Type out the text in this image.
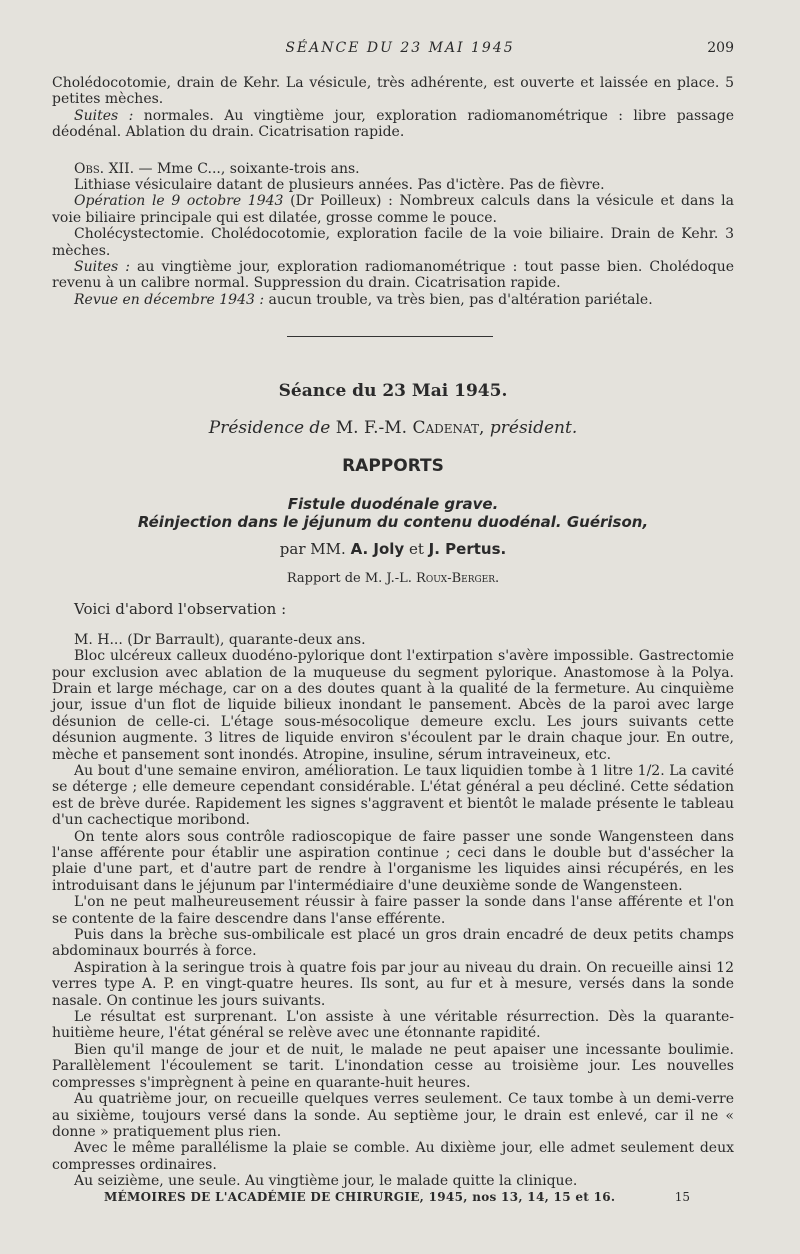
SÉANCE DU 23 MAI 1945	209

Cholédocotomie, drain de Kehr. La vésicule, très adhérente, est ouverte et laissée en place. 5 petites mèches.

Suites : normales. Au vingtième jour, exploration radiomanométrique : libre passage déodénal. Ablation du drain. Cicatrisation rapide.

Obs. XII. — Mme C..., soixante-trois ans.

Lithiase vésiculaire datant de plusieurs années. Pas d'ictère. Pas de fièvre.

Opération le 9 octobre 1943 (Dr Poilleux) : Nombreux calculs dans la vésicule et dans la voie biliaire principale qui est dilatée, grosse comme le pouce.

Cholécystectomie. Cholédocotomie, exploration facile de la voie biliaire. Drain de Kehr. 3 mèches.

Suites : au vingtième jour, exploration radiomanométrique : tout passe bien. Cholédoque revenu à un calibre normal. Suppression du drain. Cicatrisation rapide.

Revue en décembre 1943 : aucun trouble, va très bien, pas d'altération pariétale.

Séance du 23 Mai 1945.

Présidence de M. F.-M. Cadenat, président.

RAPPORTS

Fistule duodénale grave.

Réinjection dans le jéjunum du contenu duodénal. Guérison,

par MM. A. Joly et J. Pertus.

Rapport de M. J.-L. Roux-Berger.

Voici d'abord l'observation :

M. H... (Dr Barrault), quarante-deux ans.

Bloc ulcéreux calleux duodéno-pylorique dont l'extirpation s'avère impossible. Gastrectomie pour exclusion avec ablation de la muqueuse du segment pylorique. Anastomose à la Polya. Drain et large méchage, car on a des doutes quant à la qualité de la fermeture. Au cinquième jour, issue d'un flot de liquide bilieux inondant le pansement. Abcès de la paroi avec large désunion de celle-ci. L'étage sous-mésocolique demeure exclu. Les jours suivants cette désunion augmente. 3 litres de liquide environ s'écoulent par le drain chaque jour. En outre, mèche et pansement sont inondés. Atropine, insuline, sérum intraveineux, etc.

Au bout d'une semaine environ, amélioration. Le taux liquidien tombe à 1 litre 1/2. La cavité se déterge ; elle demeure cependant considérable. L'état général a peu décliné. Cette sédation est de brève durée. Rapidement les signes s'aggravent et bientôt le malade présente le tableau d'un cachectique moribond.

On tente alors sous contrôle radioscopique de faire passer une sonde Wangensteen dans l'anse afférente pour établir une aspiration continue ; ceci dans le double but d'assécher la plaie d'une part, et d'autre part de rendre à l'organisme les liquides ainsi récupérés, en les introduisant dans le jéjunum par l'intermédiaire d'une deuxième sonde de Wangensteen.

L'on ne peut malheureusement réussir à faire passer la sonde dans l'anse afférente et l'on se contente de la faire descendre dans l'anse efférente.

Puis dans la brèche sus-ombilicale est placé un gros drain encadré de deux petits champs abdominaux bourrés à force.

Aspiration à la seringue trois à quatre fois par jour au niveau du drain. On recueille ainsi 12 verres type A. P. en vingt-quatre heures. Ils sont, au fur et à mesure, versés dans la sonde nasale. On continue les jours suivants.

Le résultat est surprenant. L'on assiste à une véritable résurrection. Dès la quarante-huitième heure, l'état général se relève avec une étonnante rapidité.

Bien qu'il mange de jour et de nuit, le malade ne peut apaiser une incessante boulimie. Parallèlement l'écoulement se tarit. L'inondation cesse au troisième jour. Les nouvelles compresses s'imprègnent à peine en quarante-huit heures.

Au quatrième jour, on recueille quelques verres seulement. Ce taux tombe à un demi-verre au sixième, toujours versé dans la sonde. Au septième jour, le drain est enlevé, car il ne « donne » pratiquement plus rien.

Avec le même parallélisme la plaie se comble. Au dixième jour, elle admet seulement deux compresses ordinaires.

Au seizième, une seule. Au vingtième jour, le malade quitte la clinique.

MÉMOIRES DE L'ACADÉMIE DE CHIRURGIE, 1945, nos 13, 14, 15 et 16.	15
